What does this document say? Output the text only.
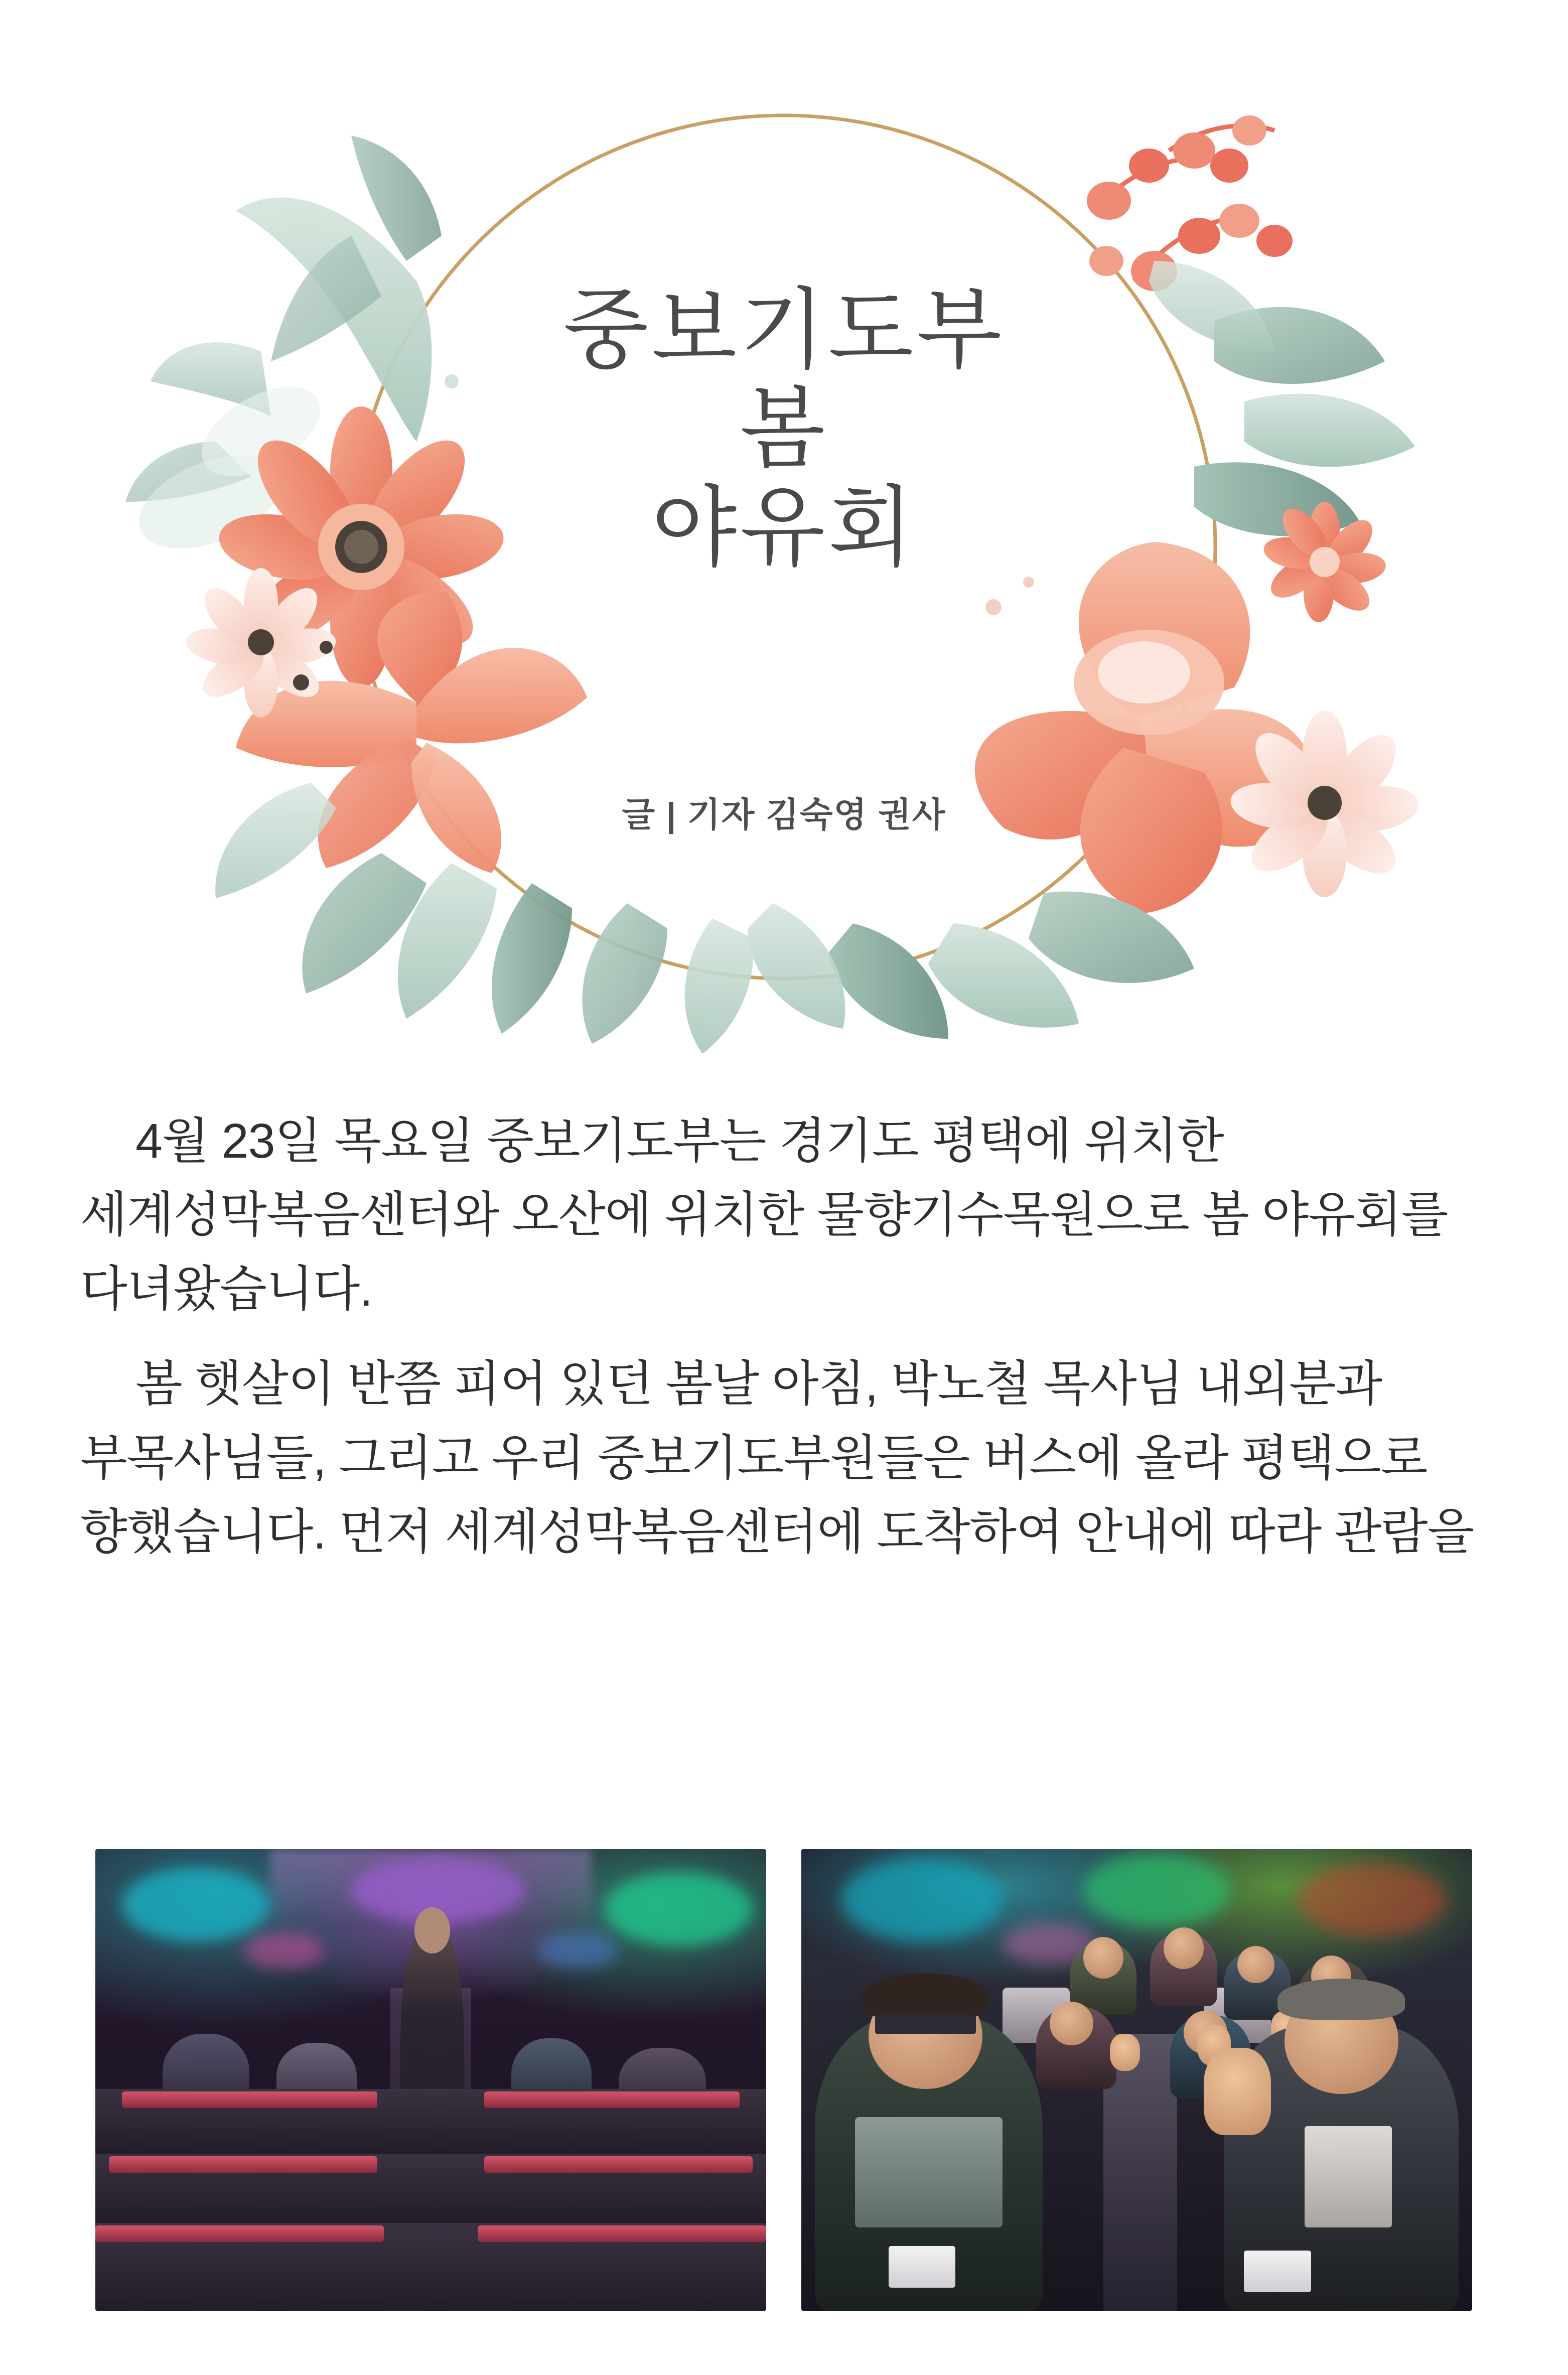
중보기도부
봄
야유회
글 | 기자 김숙영 권사

4월 23일 목요일 중보기도부는 경기도 평택에 위치한 세계성막복음센터와 오산에 위치한 물향기수목원으로 봄 야유회를 다녀왔습니다.

봄 햇살이 반쯤 피어 있던 봄날 아침, 박노철 목사님 내외분과 부목사님들, 그리고 우리 중보기도부원들은 버스에 올라 평택으로 향했습니다. 먼저 세계성막복음센터에 도착하여 안내에 따라 관람을
